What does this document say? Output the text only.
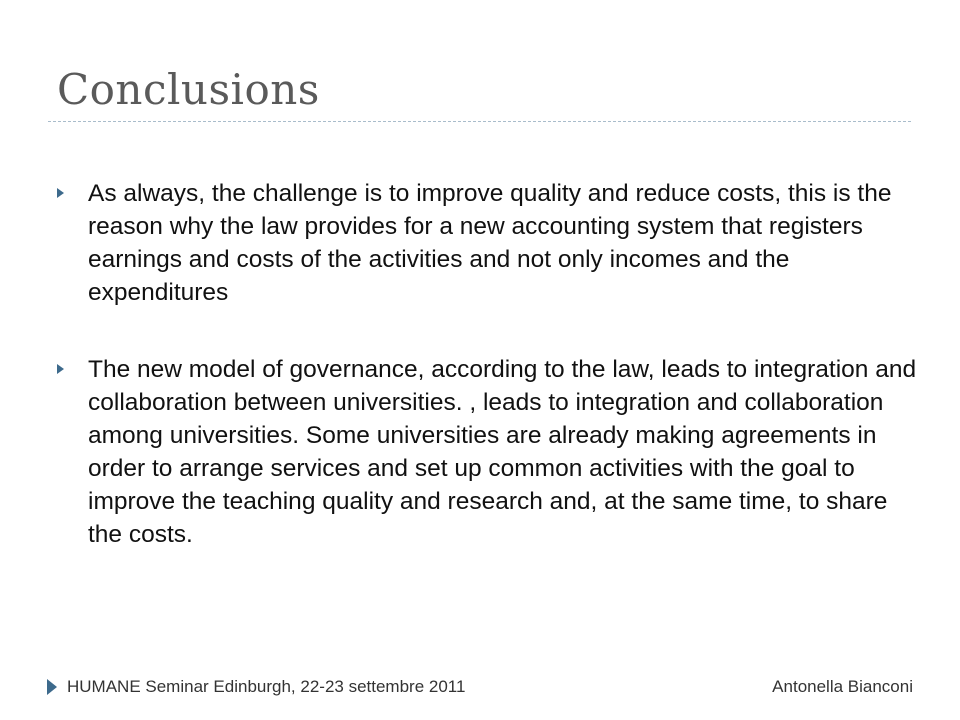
Conclusions
As always, the challenge is to improve quality and reduce costs, this is the reason why the law provides for a new accounting system that registers earnings and costs of the activities and not only incomes and the expenditures
The new model of governance, according to the law, leads to integration and collaboration between universities. , leads to integration and collaboration among universities. Some universities are already making agreements in order to arrange services and set up common activities with the goal to improve the teaching quality and research and, at the same time, to share the costs.
HUMANE Seminar Edinburgh, 22-23 settembre 2011	Antonella Bianconi
